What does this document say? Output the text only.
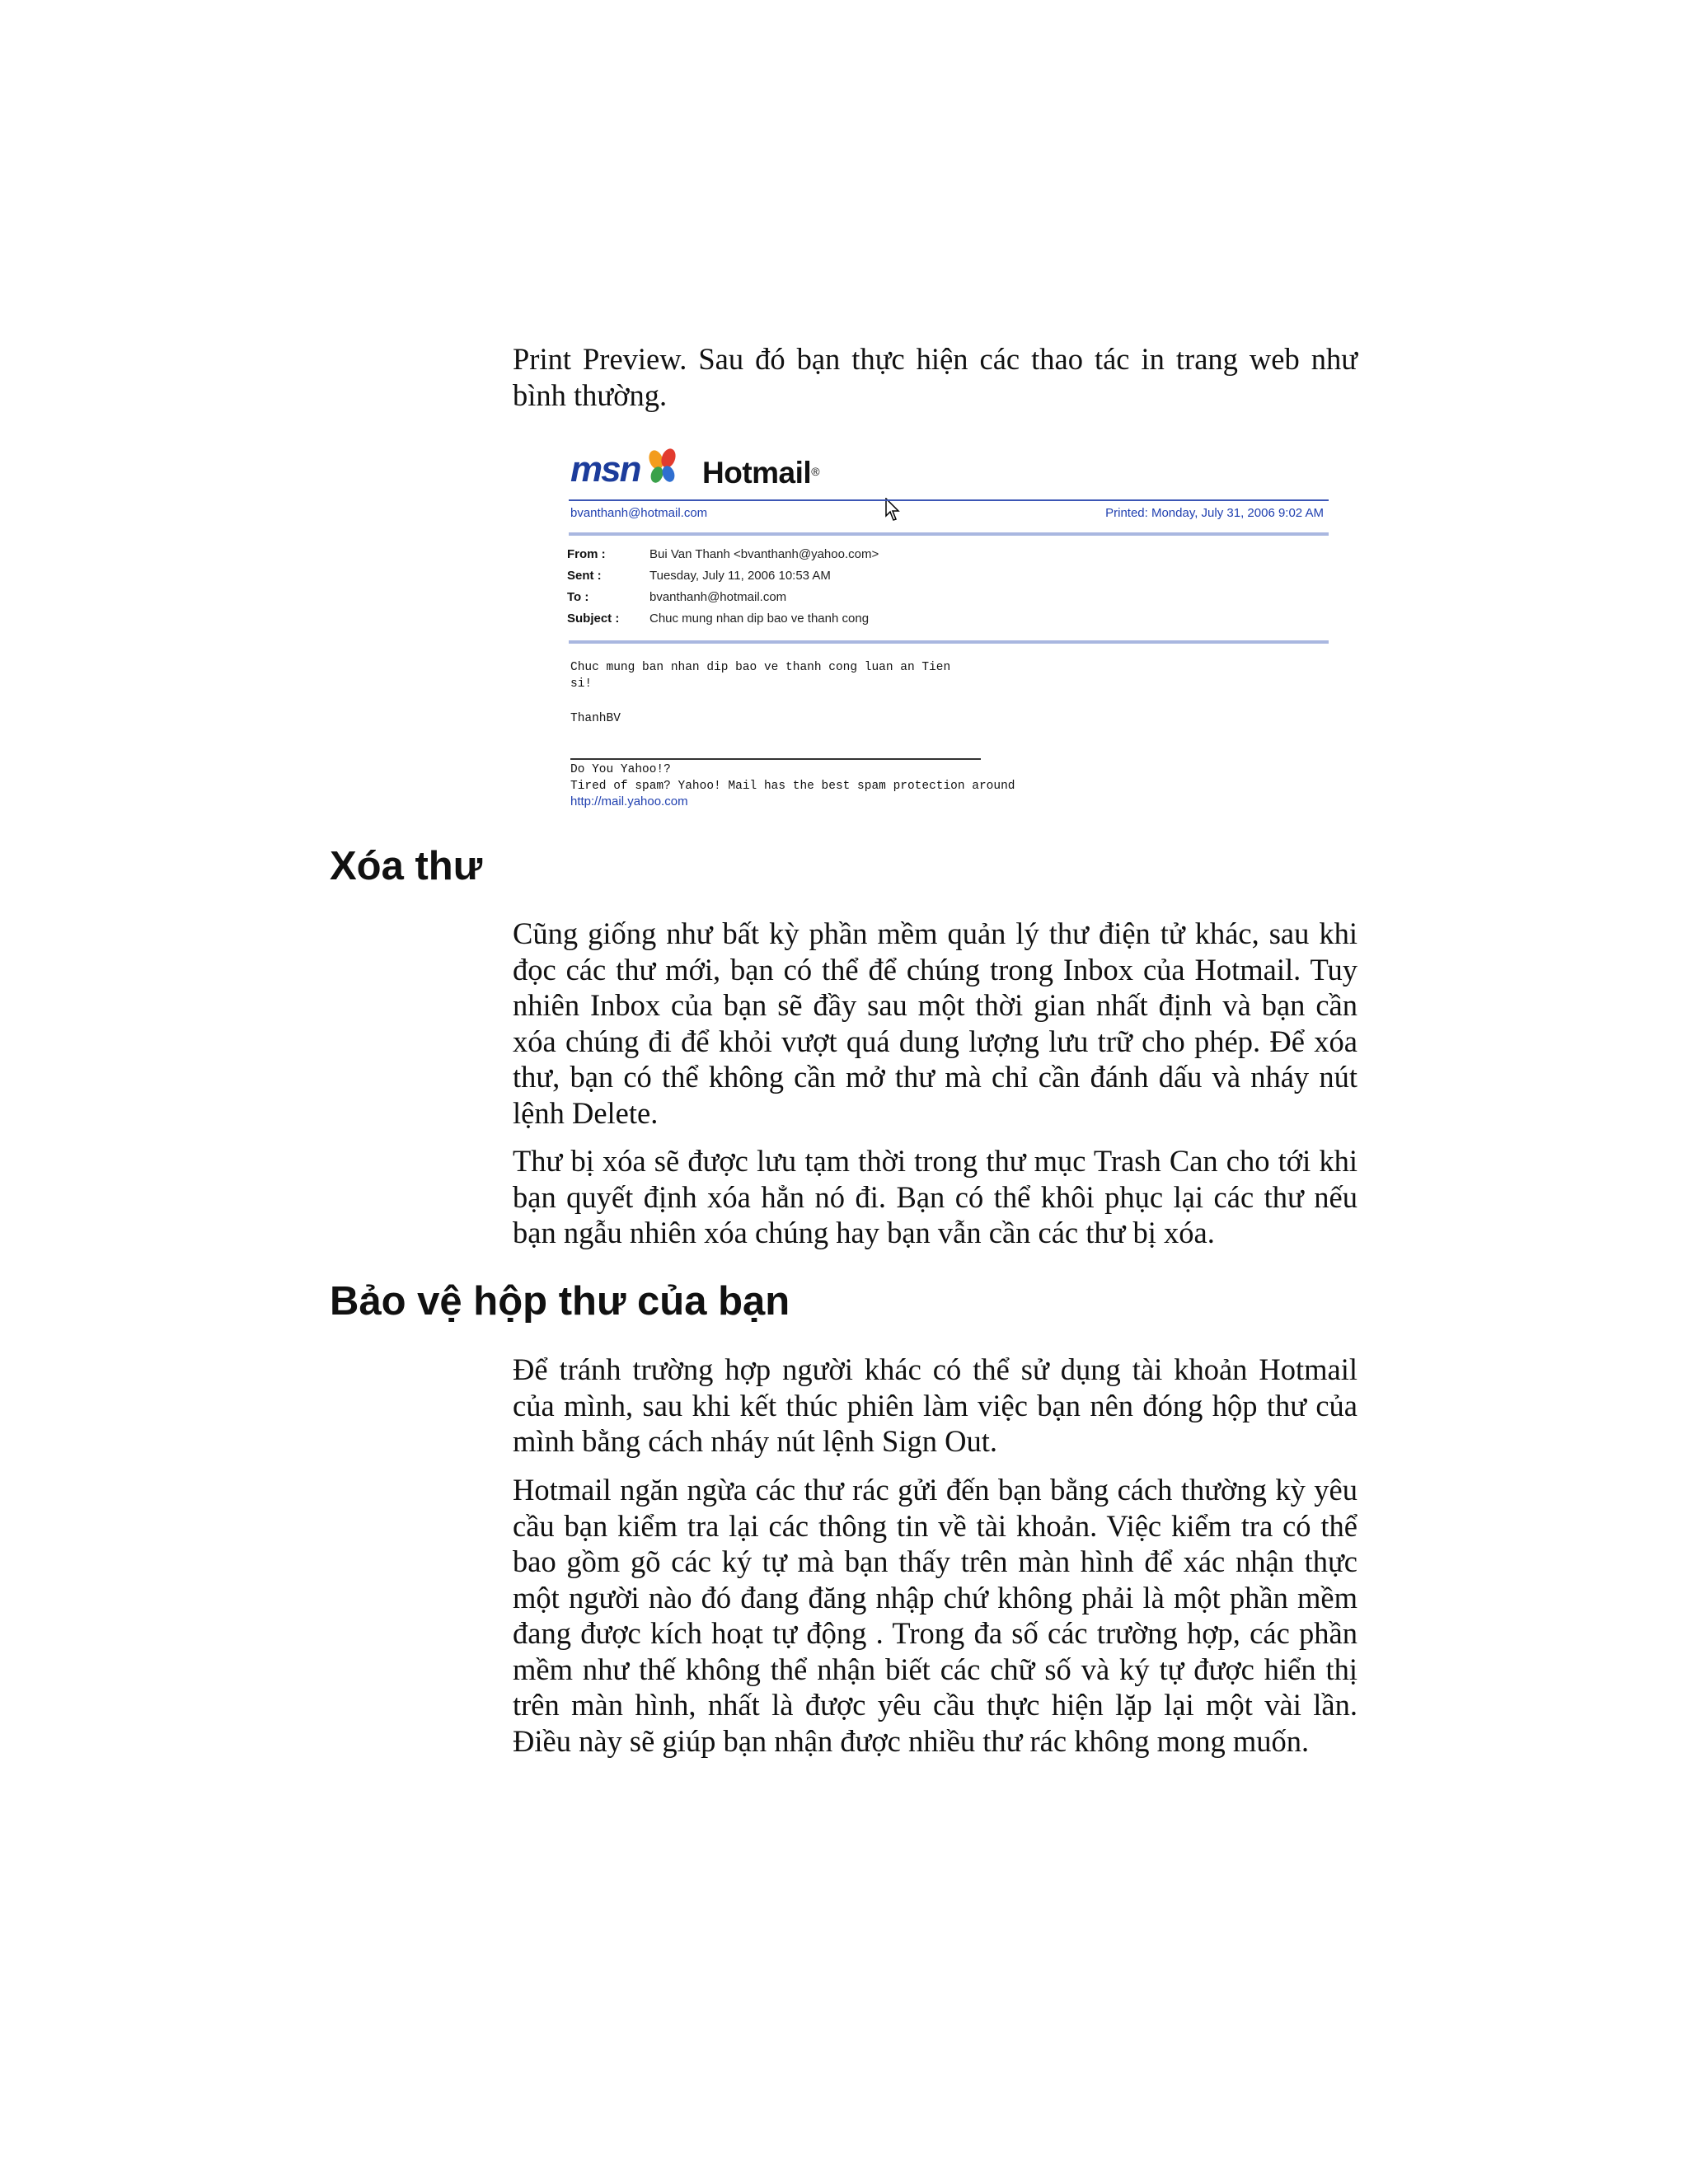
Print Preview. Sau đó bạn thực hiện các thao tác in trang web như bình thường.

msn Hotmail®
bvanthanh@hotmail.com	Printed: Monday, July 31, 2006 9:02 AM
From :	Bui Van Thanh <bvanthanh@yahoo.com>
Sent :	Tuesday, July 11, 2006 10:53 AM
To :	bvanthanh@hotmail.com
Subject :	Chuc mung nhan dip bao ve thanh cong
Chuc mung ban nhan dip bao ve thanh cong luan an Tien
si!
ThanhBV
Do You Yahoo!?
Tired of spam? Yahoo! Mail has the best spam protection around
http://mail.yahoo.com
Xóa thư

Cũng giống như bất kỳ phần mềm quản lý thư điện tử khác, sau khi đọc các thư mới, bạn có thể để chúng trong Inbox của Hotmail. Tuy nhiên Inbox của bạn sẽ đầy sau một thời gian nhất định và bạn cần xóa chúng đi để khỏi vượt quá dung lượng lưu trữ cho phép. Để xóa thư, bạn có thể không cần mở thư mà chỉ cần đánh dấu và nháy nút lệnh Delete.

Thư bị xóa sẽ được lưu tạm thời trong thư mục Trash Can cho tới khi bạn quyết định xóa hẳn nó đi. Bạn có thể khôi phục lại các thư nếu bạn ngẫu nhiên xóa chúng hay bạn vẫn cần các thư bị xóa.

Bảo vệ hộp thư của bạn

Để tránh trường hợp người khác có thể sử dụng tài khoản Hotmail của mình, sau khi kết thúc phiên làm việc bạn nên đóng hộp thư của mình bằng cách nháy nút lệnh Sign Out.

Hotmail ngăn ngừa các thư rác gửi đến bạn bằng cách thường kỳ yêu cầu bạn kiểm tra lại các thông tin về tài khoản. Việc kiểm tra có thể bao gồm gõ các ký tự mà bạn thấy trên màn hình để xác nhận thực một người nào đó đang đăng nhập chứ không phải là một phần mềm đang được kích hoạt tự động . Trong đa số các trường hợp, các phần mềm như thế không thể nhận biết các chữ số và ký tự được hiển thị trên màn hình, nhất là được yêu cầu thực hiện lặp lại một vài lần. Điều này sẽ giúp bạn nhận được nhiều thư rác không mong muốn.
